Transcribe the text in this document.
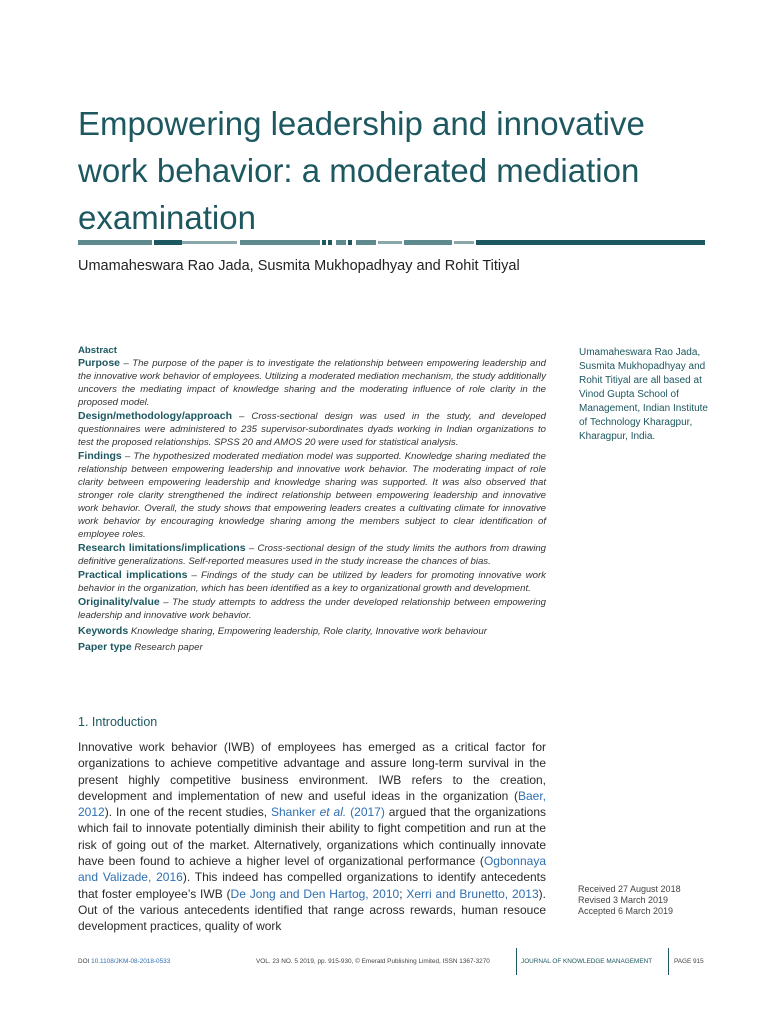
Empowering leadership and innovative work behavior: a moderated mediation examination
Umamaheswara Rao Jada, Susmita Mukhopadhyay and Rohit Titiyal
Abstract

Purpose – The purpose of the paper is to investigate the relationship between empowering leadership and the innovative work behavior of employees. Utilizing a moderated mediation mechanism, the study additionally uncovers the mediating impact of knowledge sharing and the moderating influence of role clarity in the proposed model.

Design/methodology/approach – Cross-sectional design was used in the study, and developed questionnaires were administered to 235 supervisor-subordinates dyads working in Indian organizations to test the proposed relationships. SPSS 20 and AMOS 20 were used for statistical analysis.

Findings – The hypothesized moderated mediation model was supported. Knowledge sharing mediated the relationship between empowering leadership and innovative work behavior. The moderating impact of role clarity between empowering leadership and knowledge sharing was supported. It was also observed that stronger role clarity strengthened the indirect relationship between empowering leadership and innovative work behavior. Overall, the study shows that empowering leaders creates a cultivating climate for innovative work behavior by encouraging knowledge sharing among the members subject to clear identification of employee roles.

Research limitations/implications – Cross-sectional design of the study limits the authors from drawing definitive generalizations. Self-reported measures used in the study increase the chances of bias.

Practical implications – Findings of the study can be utilized by leaders for promoting innovative work behavior in the organization, which has been identified as a key to organizational growth and development.

Originality/value – The study attempts to address the under developed relationship between empowering leadership and innovative work behavior.

Keywords Knowledge sharing, Empowering leadership, Role clarity, Innovative work behaviour

Paper type Research paper

Umamaheswara Rao Jada, Susmita Mukhopadhyay and Rohit Titiyal are all based at Vinod Gupta School of Management, Indian Institute of Technology Kharagpur, Kharagpur, India.
1. Introduction

Innovative work behavior (IWB) of employees has emerged as a critical factor for organizations to achieve competitive advantage and assure long-term survival in the present highly competitive business environment. IWB refers to the creation, development and implementation of new and useful ideas in the organization (Baer, 2012). In one of the recent studies, Shanker et al. (2017) argued that the organizations which fail to innovate potentially diminish their ability to fight competition and run at the risk of going out of the market. Alternatively, organizations which continually innovate have been found to achieve a higher level of organizational performance (Ogbonnaya and Valizade, 2016). This indeed has compelled organizations to identify antecedents that foster employee’s IWB (De Jong and Den Hartog, 2010; Xerri and Brunetto, 2013). Out of the various antecedents identified that range across rewards, human resouce development practices, quality of work

Received 27 August 2018
Revised 3 March 2019
Accepted 6 March 2019
DOI 10.1108/JKM-08-2018-0533	VOL. 23 NO. 5 2019, pp. 915-930, © Emerald Publishing Limited, ISSN 1367-3270	JOURNAL OF KNOWLEDGE MANAGEMENT	PAGE 915
